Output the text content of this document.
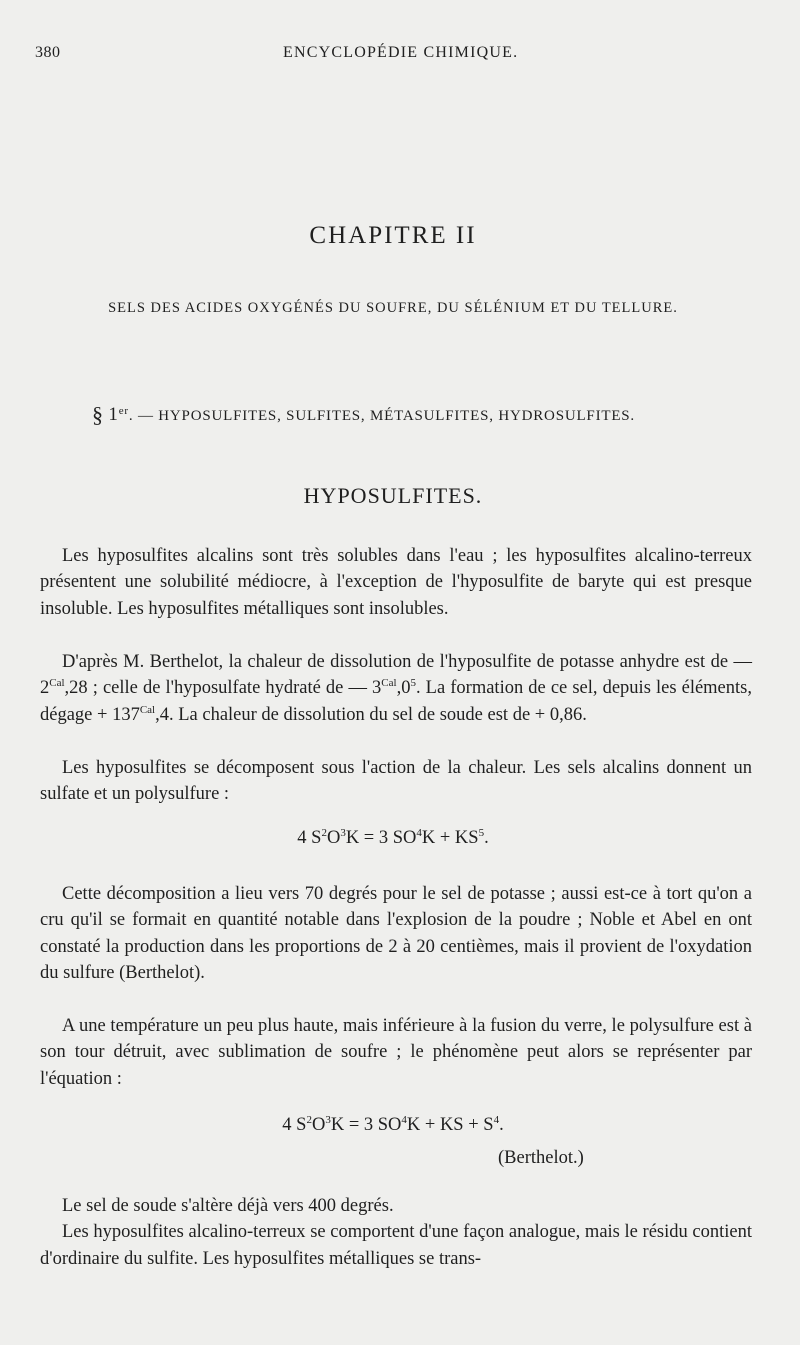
380	ENCYCLOPÉDIE CHIMIQUE.
CHAPITRE II
SELS DES ACIDES OXYGÉNÉS DU SOUFRE, DU SÉLÉNIUM ET DU TELLURE.
§ 1er. — HYPOSULFITES, SULFITES, MÉTASULFITES, HYDROSULFITES.
HYPOSULFITES.

Les hyposulfites alcalins sont très solubles dans l'eau ; les hyposulfites alcalino-terreux présentent une solubilité médiocre, à l'exception de l'hyposulfite de baryte qui est presque insoluble. Les hyposulfites métalliques sont insolubles.

D'après M. Berthelot, la chaleur de dissolution de l'hyposulfite de potasse anhydre est de — $2^{Cal},28$ ; celle de l'hyposulfate hydraté de — $3^{Cal},0^5$. La formation de ce sel, depuis les éléments, dégage + $137^{Cal},4$. La chaleur de dissolution du sel de soude est de + 0,86.

Les hyposulfites se décomposent sous l'action de la chaleur. Les sels alcalins donnent un sulfate et un polysulfure :

4 $S^2O^3K = 3$ $SO^4K + KS^5$.

Cette décomposition a lieu vers 70 degrés pour le sel de potasse ; aussi est-ce à tort qu'on a cru qu'il se formait en quantité notable dans l'explosion de la poudre ; Noble et Abel en ont constaté la production dans les proportions de 2 à 20 centièmes, mais il provient de l'oxydation du sulfure (Berthelot).

A une température un peu plus haute, mais inférieure à la fusion du verre, le polysulfure est à son tour détruit, avec sublimation de soufre ; le phénomène peut alors se représenter par l'équation :

4 $S^2O^3K = 3$ $SO^4K$ + KS + $S^4$.
(Berthelot.)

Le sel de soude s'altère déjà vers 400 degrés.

Les hyposulfites alcalino-terreux se comportent d'une façon analogue, mais le résidu contient d'ordinaire du sulfite. Les hyposulfites métalliques se trans-
